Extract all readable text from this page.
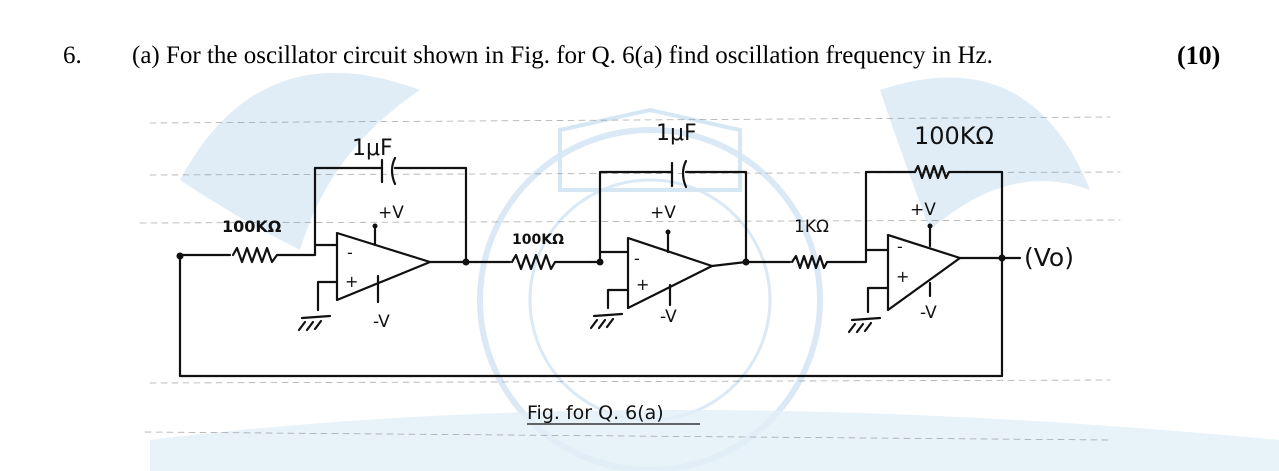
6. (a) For the oscillator circuit shown in Fig. for Q. 6(a) find oscillation frequency in Hz.	(10)
1μF
100KΩ
+V
-V
-
+
1μF
100KΩ
+V
-V
-
+
100KΩ
1KΩ
+V
-V
-
+
(Vo)
Fig. for Q. 6(a)
